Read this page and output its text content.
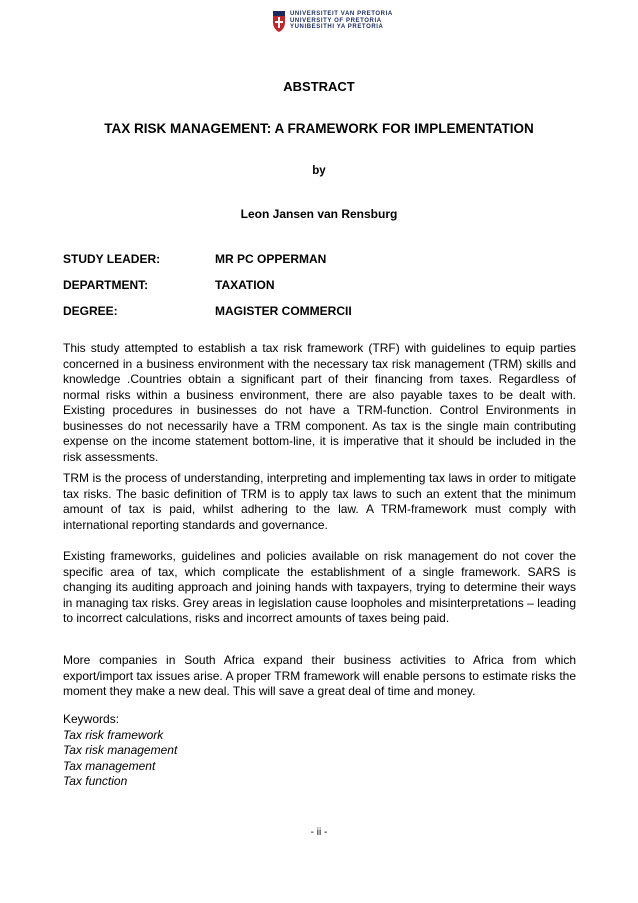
UNIVERSITEIT VAN PRETORIA
UNIVERSITY OF PRETORIA
YUNIBESITHI YA PRETORIA
ABSTRACT
TAX RISK MANAGEMENT: A FRAMEWORK FOR IMPLEMENTATION
by
Leon Jansen van Rensburg
STUDY LEADER:	MR PC OPPERMAN
DEPARTMENT:	TAXATION
DEGREE:	MAGISTER COMMERCII

This study attempted to establish a tax risk framework (TRF) with guidelines to equip parties concerned in a business environment with the necessary tax risk management (TRM) skills and knowledge .Countries obtain a significant part of their financing from taxes. Regardless of normal risks within a business environment, there are also payable taxes to be dealt with. Existing procedures in businesses do not have a TRM-function. Control Environments in businesses do not necessarily have a TRM component. As tax is the single main contributing expense on the income statement bottom-line, it is imperative that it should be included in the risk assessments.

TRM is the process of understanding, interpreting and implementing tax laws in order to mitigate tax risks. The basic definition of TRM is to apply tax laws to such an extent that the minimum amount of tax is paid, whilst adhering to the law. A TRM-framework must comply with international reporting standards and governance.

Existing frameworks, guidelines and policies available on risk management do not cover the specific area of tax, which complicate the establishment of a single framework. SARS is changing its auditing approach and joining hands with taxpayers, trying to determine their ways in managing tax risks. Grey areas in legislation cause loopholes and misinterpretations – leading to incorrect calculations, risks and incorrect amounts of taxes being paid.

More companies in South Africa expand their business activities to Africa from which export/import tax issues arise. A proper TRM framework will enable persons to estimate risks the moment they make a new deal. This will save a great deal of time and money.

Keywords:
Tax risk framework
Tax risk management
Tax management
Tax function
- ii -
